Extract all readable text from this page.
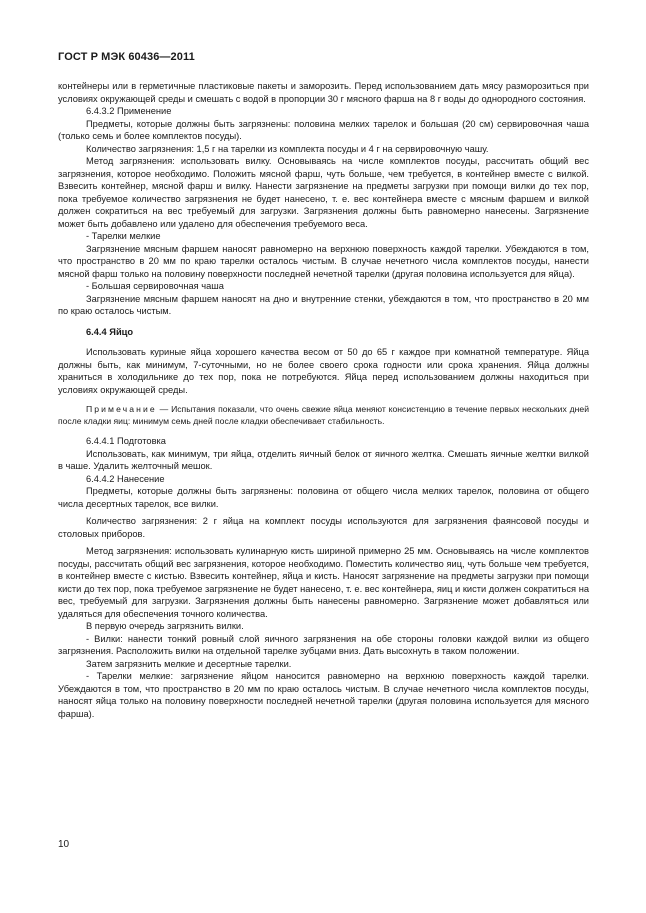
ГОСТ Р МЭК 60436—2011

контейнеры или в герметичные пластиковые пакеты и заморозить. Перед использованием дать мясу разморозиться при условиях окружающей среды и смешать с водой в пропорции 30 г мясного фарша на 8 г воды до однородного состояния.

6.4.3.2 Применение

Предметы, которые должны быть загрязнены: половина мелких тарелок и большая (20 см) сервировочная чаша (только семь и более комплектов посуды).

Количество загрязнения: 1,5 г на тарелки из комплекта посуды и 4 г на сервировочную чашу.

Метод загрязнения: использовать вилку. Основываясь на числе комплектов посуды, рассчитать общий вес загрязнения, которое необходимо. Положить мясной фарш, чуть больше, чем требуется, в контейнер вместе с вилкой. Взвесить контейнер, мясной фарш и вилку. Нанести загрязнение на предметы загрузки при помощи вилки до тех пор, пока требуемое количество загрязнения не будет нанесено, т. е. вес контейнера вместе с мясным фаршем и вилкой должен сократиться на вес требуемый для загрузки. Загрязнения должны быть равномерно нанесены. Загрязнение может быть добавлено или удалено для обеспечения требуемого веса.

- Тарелки мелкие

Загрязнение мясным фаршем наносят равномерно на верхнюю поверхность каждой тарелки. Убеждаются в том, что пространство в 20 мм по краю тарелки осталось чистым. В случае нечетного числа комплектов посуды, нанести мясной фарш только на половину поверхности последней нечетной тарелки (другая половина используется для яйца).

- Большая сервировочная чаша

Загрязнение мясным фаршем наносят на дно и внутренние стенки, убеждаются в том, что пространство в 20 мм по краю осталось чистым.

6.4.4 Яйцо

Использовать куриные яйца хорошего качества весом от 50 до 65 г каждое при комнатной температуре. Яйца должны быть, как минимум, 7-суточными, но не более своего срока годности или срока хранения. Яйца должны храниться в холодильнике до тех пор, пока не потребуются. Яйца перед использованием должны находиться при условиях окружающей среды.

Примечание — Испытания показали, что очень свежие яйца меняют консистенцию в течение первых нескольких дней после кладки яиц: минимум семь дней после кладки обеспечивает стабильность.

6.4.4.1 Подготовка

Использовать, как минимум, три яйца, отделить яичный белок от яичного желтка. Смешать яичные желтки вилкой в чаше. Удалить желточный мешок.

6.4.4.2 Нанесение

Предметы, которые должны быть загрязнены: половина от общего числа мелких тарелок, половина от общего числа десертных тарелок, все вилки.

Количество загрязнения: 2 г яйца на комплект посуды используются для загрязнения фаянсовой посуды и столовых приборов.

Метод загрязнения: использовать кулинарную кисть шириной примерно 25 мм. Основываясь на числе комплектов посуды, рассчитать общий вес загрязнения, которое необходимо. Поместить количество яиц, чуть больше чем требуется, в контейнер вместе с кистью. Взвесить контейнер, яйца и кисть. Наносят загрязнение на предметы загрузки при помощи кисти до тех пор, пока требуемое загрязнение не будет нанесено, т. е. вес контейнера, яиц и кисти должен сократиться на вес, требуемый для загрузки. Загрязнения должны быть нанесены равномерно. Загрязнение может добавляться или удаляться для обеспечения точного количества.

В первую очередь загрязнить вилки.

- Вилки: нанести тонкий ровный слой яичного загрязнения на обе стороны головки каждой вилки из общего загрязнения. Расположить вилки на отдельной тарелке зубцами вниз. Дать высохнуть в таком положении.

Затем загрязнить мелкие и десертные тарелки.

- Тарелки мелкие: загрязнение яйцом наносится равномерно на верхнюю поверхность каждой тарелки. Убеждаются в том, что пространство в 20 мм по краю осталось чистым. В случае нечетного числа комплектов посуды, наносят яйца только на половину поверхности последней нечетной тарелки (другая половина используется для мясного фарша).

10
